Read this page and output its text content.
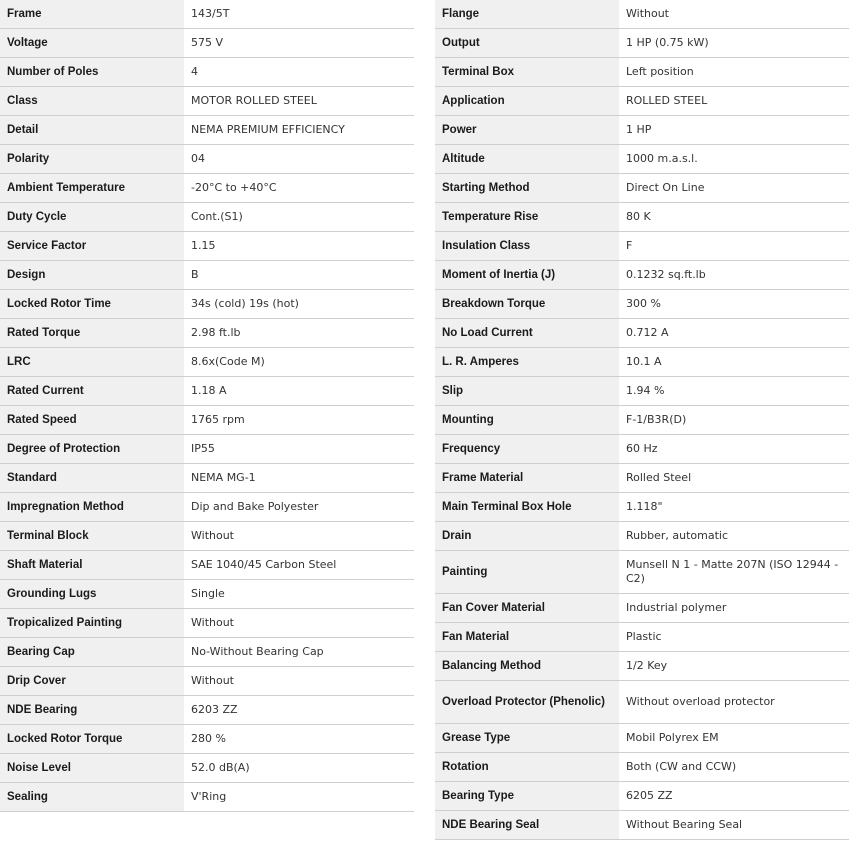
Frame	143/5T
Voltage	575 V
Number of Poles	4
Class	MOTOR ROLLED STEEL
Detail	NEMA PREMIUM EFFICIENCY
Polarity	04
Ambient Temperature	-20°C to +40°C
Duty Cycle	Cont.(S1)
Service Factor	1.15
Design	B
Locked Rotor Time	34s (cold) 19s (hot)
Rated Torque	2.98 ft.lb
LRC	8.6x(Code M)
Rated Current	1.18 A
Rated Speed	1765 rpm
Degree of Protection	IP55
Standard	NEMA MG-1
Impregnation Method	Dip and Bake Polyester
Terminal Block	Without
Shaft Material	SAE 1040/45 Carbon Steel
Grounding Lugs	Single
Tropicalized Painting	Without
Bearing Cap	No-Without Bearing Cap
Drip Cover	Without
NDE Bearing	6203 ZZ
Locked Rotor Torque	280 %
Noise Level	52.0 dB(A)
Sealing	V'Ring
Flange	Without
Output	1 HP (0.75 kW)
Terminal Box	Left position
Application	ROLLED STEEL
Power	1 HP
Altitude	1000 m.a.s.l.
Starting Method	Direct On Line
Temperature Rise	80 K
Insulation Class	F
Moment of Inertia (J)	0.1232 sq.ft.lb
Breakdown Torque	300 %
No Load Current	0.712 A
L. R. Amperes	10.1 A
Slip	1.94 %
Mounting	F-1/B3R(D)
Frequency	60 Hz
Frame Material	Rolled Steel
Main Terminal Box Hole	1.118"
Drain	Rubber, automatic
Painting	Munsell N 1 - Matte 207N (ISO 12944 - C2)
Fan Cover Material	Industrial polymer
Fan Material	Plastic
Balancing Method	1/2 Key
Overload Protector (Phenolic)	Without overload protector
Grease Type	Mobil Polyrex EM
Rotation	Both (CW and CCW)
Bearing Type	6205 ZZ
NDE Bearing Seal	Without Bearing Seal
